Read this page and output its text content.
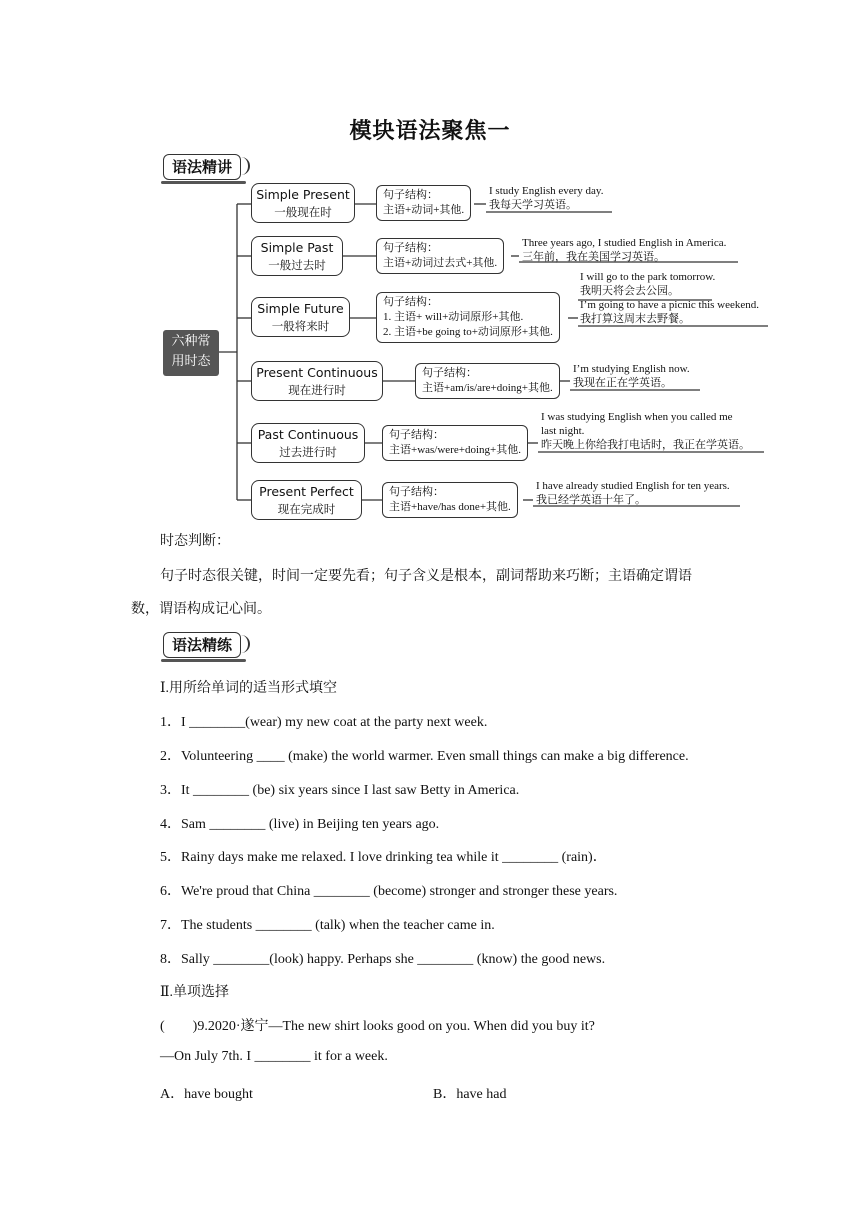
模块语法聚焦一
语法精讲
六种常
用时态
Simple Present
一般现在时
句子结构：
主语+动词+其他.
I study English every day.
我每天学习英语。
Simple Past
一般过去时
句子结构：
主语+动词过去式+其他.
Three years ago, I studied English in America.
三年前，我在美国学习英语。
Simple Future
一般将来时
句子结构：
1. 主语+ will+动词原形+其他.
2. 主语+be going to+动词原形+其他.
I will go to the park tomorrow.
我明天将会去公园。
I’m going to have a picnic this weekend.
我打算这周末去野餐。
Present Continuous
现在进行时
句子结构：
主语+am/is/are+doing+其他.
I’m studying English now.
我现在正在学英语。
Past Continuous
过去进行时
句子结构：
主语+was/were+doing+其他.
I was studying English when you called me
last night.
昨天晚上你给我打电话时，我正在学英语。
Present Perfect
现在完成时
句子结构：
主语+have/has done+其他.
I have already studied English for ten years.
我已经学英语十年了。
时态判断：
句子时态很关键，时间一定要先看；句子含义是根本，副词帮助来巧断；主语确定谓语
数，谓语构成记心间。
语法精练
Ⅰ.用所给单词的适当形式填空
1．I ________(wear) my new coat at the party next week.
2．Volunteering ____ (make) the world warmer. Even small things can make a big difference.
3．It ________ (be) six years since I last saw Betty in America.
4．Sam ________ (live) in Beijing ten years ago.
5．Rainy days make me relaxed. I love drinking tea while it ________ (rain)．
6．We're proud that China ________ (become) stronger and stronger these years.
7．The students ________ (talk) when the teacher came in.
8．Sally ________(look) happy. Perhaps she ________ (know) the good news.
Ⅱ.单项选择
(　　)9.2020·遂宁—The new shirt looks good on you. When did you buy it?
—On July 7th. I ________ it for a week.
A．have bought	B．have had
